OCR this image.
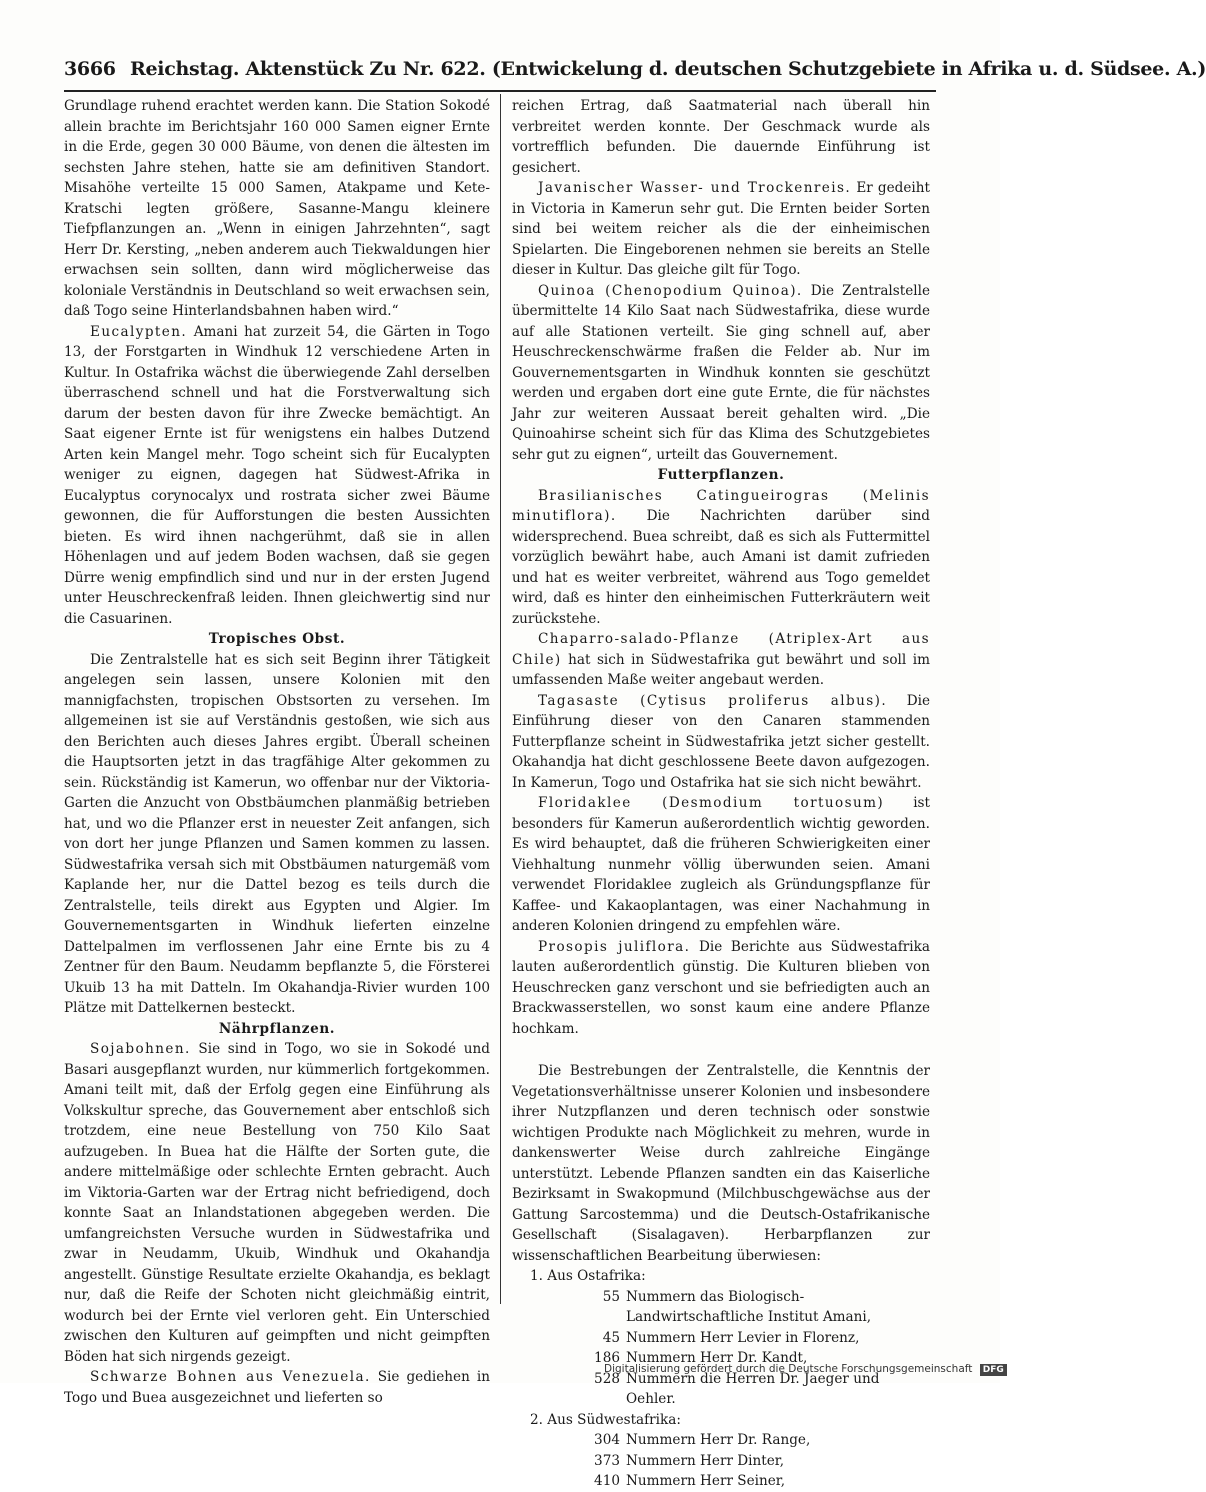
3666 Reichstag. Aktenstück Zu Nr. 622. (Entwickelung d. deutschen Schutzgebiete in Afrika u. d. Südsee. A.)

Grundlage ruhend erachtet werden kann. Die Station Sokodé allein brachte im Berichtsjahr 160 000 Samen eigner Ernte in die Erde, gegen 30 000 Bäume, von denen die ältesten im sechsten Jahre stehen, hatte sie am definitiven Standort. Misahöhe verteilte 15 000 Samen, Atakpame und Kete-Kratschi legten größere, Sasanne-Mangu kleinere Tiefpflanzungen an. „Wenn in einigen Jahrzehnten“, sagt Herr Dr. Kersting, „neben anderem auch Tiekwaldungen hier erwachsen sein sollten, dann wird möglicherweise das koloniale Verständnis in Deutschland so weit erwachsen sein, daß Togo seine Hinterlandsbahnen haben wird.“

Eucalypten. Amani hat zurzeit 54, die Gärten in Togo 13, der Forstgarten in Windhuk 12 verschiedene Arten in Kultur. In Ostafrika wächst die überwiegende Zahl derselben überraschend schnell und hat die Forstverwaltung sich darum der besten davon für ihre Zwecke bemächtigt. An Saat eigener Ernte ist für wenigstens ein halbes Dutzend Arten kein Mangel mehr. Togo scheint sich für Eucalypten weniger zu eignen, dagegen hat Südwest-Afrika in Eucalyptus corynocalyx und rostrata sicher zwei Bäume gewonnen, die für Aufforstungen die besten Aussichten bieten. Es wird ihnen nachgerühmt, daß sie in allen Höhenlagen und auf jedem Boden wachsen, daß sie gegen Dürre wenig empfindlich sind und nur in der ersten Jugend unter Heuschreckenfraß leiden. Ihnen gleichwertig sind nur die Casuarinen.

Tropisches Obst.

Die Zentralstelle hat es sich seit Beginn ihrer Tätigkeit angelegen sein lassen, unsere Kolonien mit den mannigfachsten, tropischen Obstsorten zu versehen. Im allgemeinen ist sie auf Verständnis gestoßen, wie sich aus den Berichten auch dieses Jahres ergibt. Überall scheinen die Hauptsorten jetzt in das tragfähige Alter gekommen zu sein. Rückständig ist Kamerun, wo offenbar nur der Viktoria-Garten die Anzucht von Obstbäumchen planmäßig betrieben hat, und wo die Pflanzer erst in neuester Zeit anfangen, sich von dort her junge Pflanzen und Samen kommen zu lassen. Südwestafrika versah sich mit Obstbäumen naturgemäß vom Kaplande her, nur die Dattel bezog es teils durch die Zentralstelle, teils direkt aus Egypten und Algier. Im Gouvernementsgarten in Windhuk lieferten einzelne Dattelpalmen im verflossenen Jahr eine Ernte bis zu 4 Zentner für den Baum. Neudamm bepflanzte 5, die Försterei Ukuib 13 ha mit Datteln. Im Okahandja-Rivier wurden 100 Plätze mit Dattelkernen besteckt.

Nährpflanzen.

Sojabohnen. Sie sind in Togo, wo sie in Sokodé und Basari ausgepflanzt wurden, nur kümmerlich fortgekommen. Amani teilt mit, daß der Erfolg gegen eine Einführung als Volkskultur spreche, das Gouvernement aber entschloß sich trotzdem, eine neue Bestellung von 750 Kilo Saat aufzugeben. In Buea hat die Hälfte der Sorten gute, die andere mittelmäßige oder schlechte Ernten gebracht. Auch im Viktoria-Garten war der Ertrag nicht befriedigend, doch konnte Saat an Inlandstationen abgegeben werden. Die umfangreichsten Versuche wurden in Südwestafrika und zwar in Neudamm, Ukuib, Windhuk und Okahandja angestellt. Günstige Resultate erzielte Okahandja, es beklagt nur, daß die Reife der Schoten nicht gleichmäßig eintrit, wodurch bei der Ernte viel verloren geht. Ein Unterschied zwischen den Kulturen auf geimpften und nicht geimpften Böden hat sich nirgends gezeigt.

Schwarze Bohnen aus Venezuela. Sie gediehen in Togo und Buea ausgezeichnet und lieferten so

reichen Ertrag, daß Saatmaterial nach überall hin verbreitet werden konnte. Der Geschmack wurde als vortrefflich befunden. Die dauernde Einführung ist gesichert.

Javanischer Wasser- und Trockenreis. Er gedeiht in Victoria in Kamerun sehr gut. Die Ernten beider Sorten sind bei weitem reicher als die der einheimischen Spielarten. Die Eingeborenen nehmen sie bereits an Stelle dieser in Kultur. Das gleiche gilt für Togo.

Quinoa (Chenopodium Quinoa). Die Zentralstelle übermittelte 14 Kilo Saat nach Südwestafrika, diese wurde auf alle Stationen verteilt. Sie ging schnell auf, aber Heuschreckenschwärme fraßen die Felder ab. Nur im Gouvernementsgarten in Windhuk konnten sie geschützt werden und ergaben dort eine gute Ernte, die für nächstes Jahr zur weiteren Aussaat bereit gehalten wird. „Die Quinoahirse scheint sich für das Klima des Schutzgebietes sehr gut zu eignen“, urteilt das Gouvernement.

Futterpflanzen.

Brasilianisches Catingueirogras (Melinis minutiflora). Die Nachrichten darüber sind widersprechend. Buea schreibt, daß es sich als Futtermittel vorzüglich bewährt habe, auch Amani ist damit zufrieden und hat es weiter verbreitet, während aus Togo gemeldet wird, daß es hinter den einheimischen Futterkräutern weit zurückstehe.

Chaparro-salado-Pflanze (Atriplex-Art aus Chile) hat sich in Südwestafrika gut bewährt und soll im umfassenden Maße weiter angebaut werden.

Tagasaste (Cytisus proliferus albus). Die Einführung dieser von den Canaren stammenden Futterpflanze scheint in Südwestafrika jetzt sicher gestellt. Okahandja hat dicht geschlossene Beete davon aufgezogen. In Kamerun, Togo und Ostafrika hat sie sich nicht bewährt.

Floridaklee (Desmodium tortuosum) ist besonders für Kamerun außerordentlich wichtig geworden. Es wird behauptet, daß die früheren Schwierigkeiten einer Viehhaltung nunmehr völlig überwunden seien. Amani verwendet Floridaklee zugleich als Gründungspflanze für Kaffee- und Kakaoplantagen, was einer Nachahmung in anderen Kolonien dringend zu empfehlen wäre.

Prosopis juliflora. Die Berichte aus Südwestafrika lauten außerordentlich günstig. Die Kulturen blieben von Heuschrecken ganz verschont und sie befriedigten auch an Brackwasserstellen, wo sonst kaum eine andere Pflanze hochkam.

Die Bestrebungen der Zentralstelle, die Kenntnis der Vegetationsverhältnisse unserer Kolonien und insbesondere ihrer Nutzpflanzen und deren technisch oder sonstwie wichtigen Produkte nach Möglichkeit zu mehren, wurde in dankenswerter Weise durch zahlreiche Eingänge unterstützt. Lebende Pflanzen sandten ein das Kaiserliche Bezirksamt in Swakopmund (Milchbuschgewächse aus der Gattung Sarcostemma) und die Deutsch-Ostafrikanische Gesellschaft (Sisalagaven). Herbarpflanzen zur wissenschaftlichen Bearbeitung überwiesen:

1. Aus Ostafrika:
55 Nummern das Biologisch-Landwirtschaftliche Institut Amani,
45 Nummern Herr Levier in Florenz,
186 Nummern Herr Dr. Kandt,
528 Nummern die Herren Dr. Jaeger und Oehler.
2. Aus Südwestafrika:
304 Nummern Herr Dr. Range,
373 Nummern Herr Dinter,
410 Nummern Herr Seiner,
Digitalisierung gefördert durch die Deutsche Forschungsgemeinschaft DFG
